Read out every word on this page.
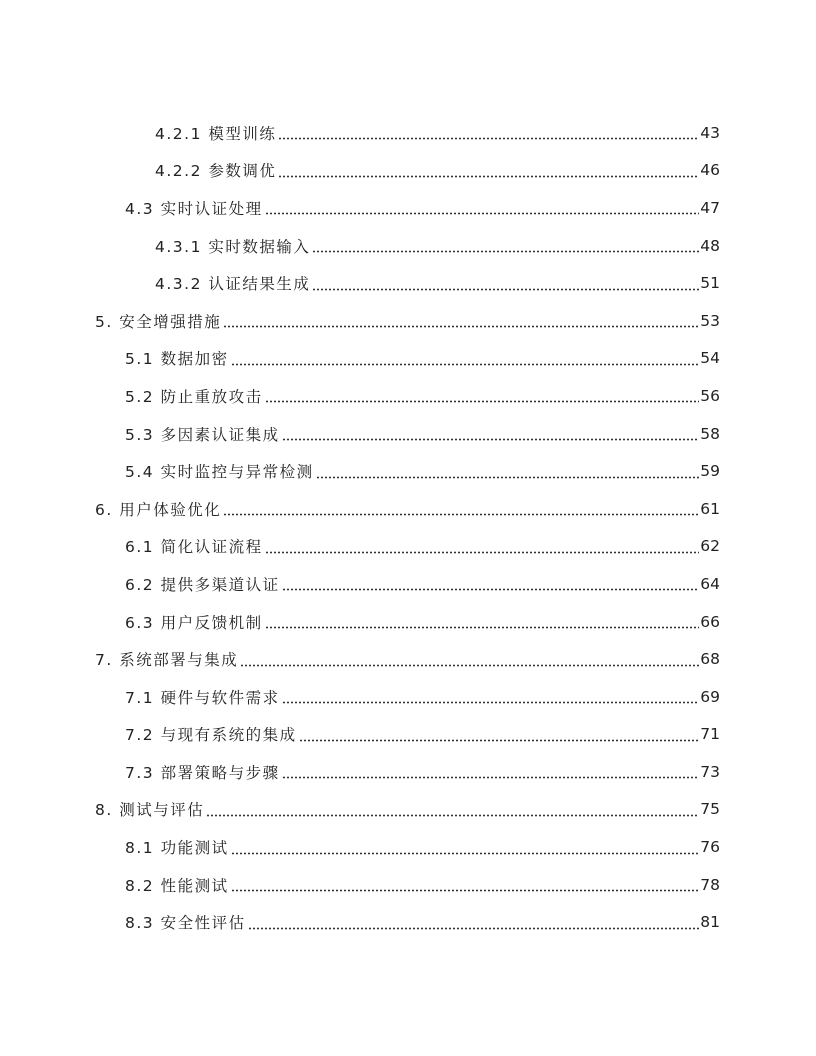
4.2.1 模型训练	43
4.2.2 参数调优	46
4.3 实时认证处理	47
4.3.1 实时数据输入	48
4.3.2 认证结果生成	51
5. 安全增强措施	53
5.1 数据加密	54
5.2 防止重放攻击	56
5.3 多因素认证集成	58
5.4 实时监控与异常检测	59
6. 用户体验优化	61
6.1 简化认证流程	62
6.2 提供多渠道认证	64
6.3 用户反馈机制	66
7. 系统部署与集成	68
7.1 硬件与软件需求	69
7.2 与现有系统的集成	71
7.3 部署策略与步骤	73
8. 测试与评估	75
8.1 功能测试	76
8.2 性能测试	78
8.3 安全性评估	81
